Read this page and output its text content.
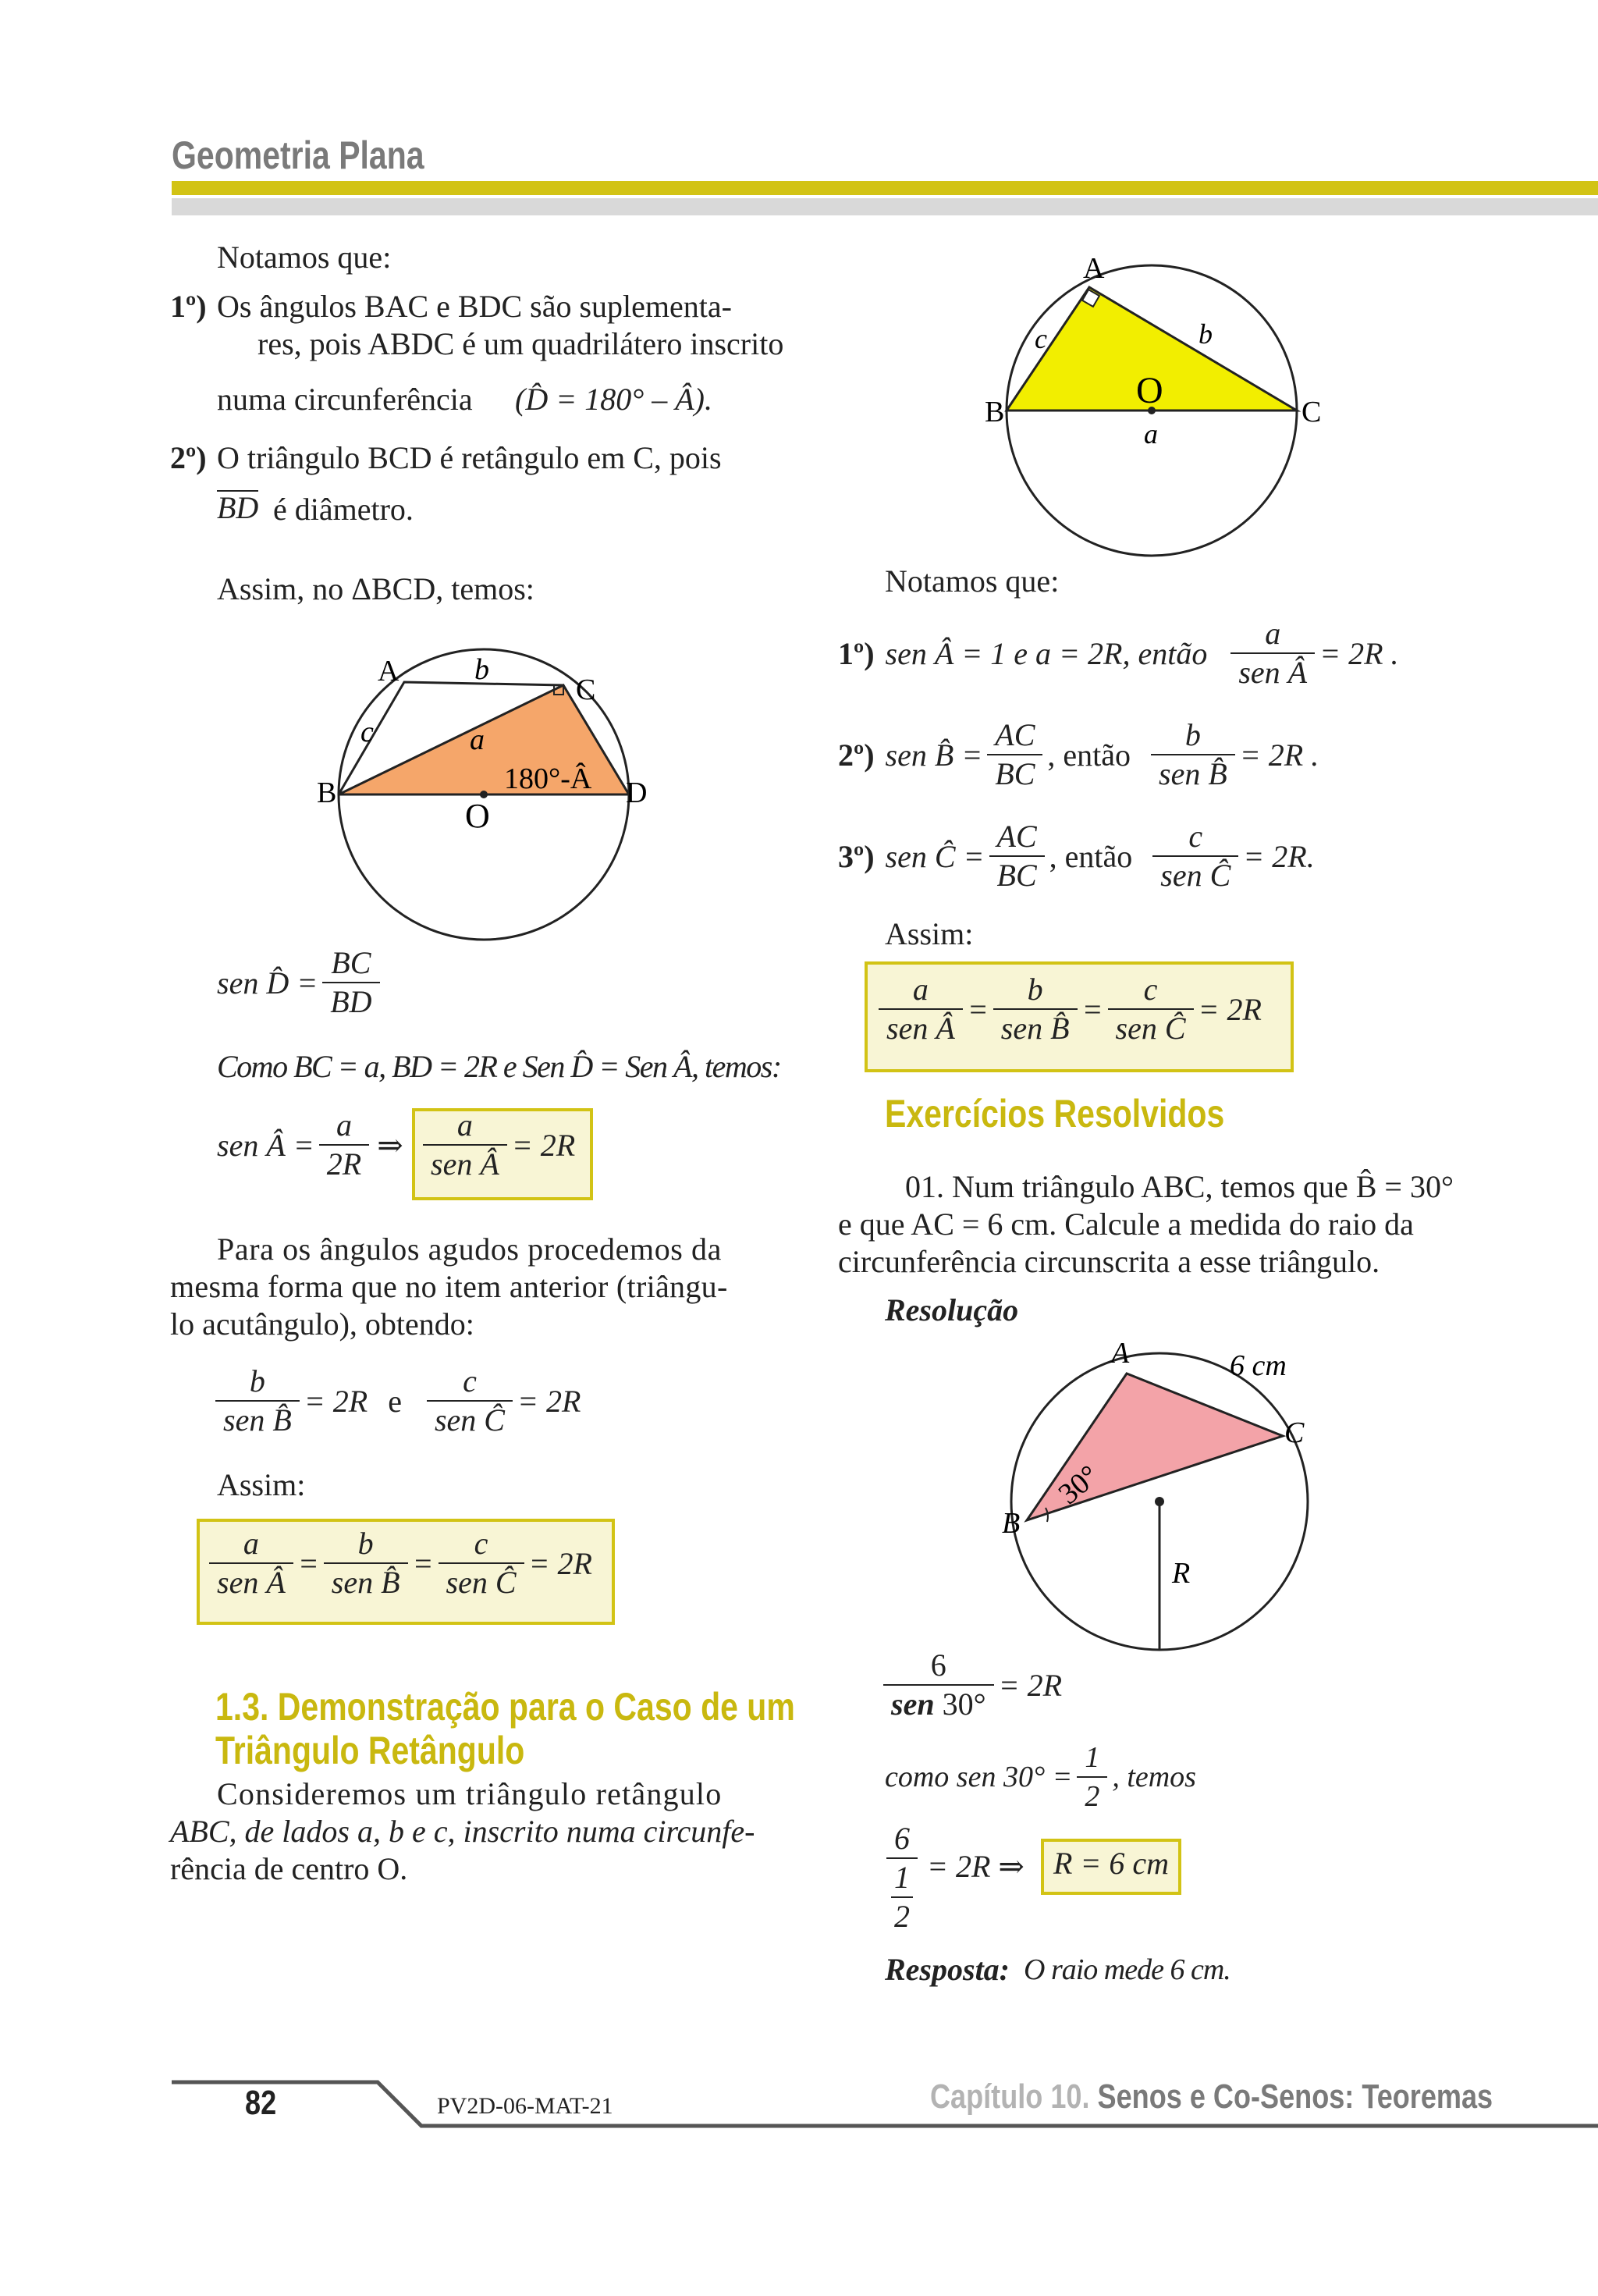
Geometria Plana
Notamos que:
1º) Os ângulos BAC e BDC são suplementa-
res, pois ABDC é um quadrilátero inscrito
numa circunferência (D̂ = 180° – Â).
2º) O triângulo BCD é retângulo em C, pois
BD é diâmetro.
Assim, no ΔBCD, temos:
A	b
C
c	a
B	180°-Â D
O
sen D̂ = $\frac{BC}{BD}$
Como BC = a, BD = 2R e Sen D̂ = Sen Â, temos:
sen Â = $\frac{a}{2R}$ ⇒ $\frac{a}{\text{sen Â}} = 2R$
Para os ângulos agudos procedemos da
mesma forma que no item anterior (triângu-
lo acutângulo), obtendo:
$\frac{b}{\text{sen B̂}} = 2R$ e $\frac{c}{\text{sen Ĉ}} = 2R$
Assim:
$\frac{a}{\text{sen Â}} = \frac{b}{\text{sen B̂}} = \frac{c}{\text{sen Ĉ}} = 2R$
1.3. Demonstração para o Caso de um
Triângulo Retângulo
Consideremos um triângulo retângulo
ABC, de lados a, b e c, inscrito numa circunfe-
rência de centro O.
A
c	b
O
B	C
a
Notamos que:
1º) sen Â = 1 e a = 2R, então $\frac{a}{\text{sen Â}} = 2R$ .
2º) sen B̂ = $\frac{AC}{BC}$ , então $\frac{b}{\text{sen B̂}} = 2R$ .
3º) sen Ĉ = $\frac{AC}{BC}$ , então $\frac{c}{\text{sen Ĉ}} = 2R$.
Assim:
$\frac{a}{\text{sen Â}} = \frac{b}{\text{sen B̂}} = \frac{c}{\text{sen Ĉ}} = 2R$
Exercícios Resolvidos
01. Num triângulo ABC, temos que B̂ = 30°
e que AC = 6 cm. Calcule a medida do raio da
circunferência circunscrita a esse triângulo.
Resolução
A	6 cm
C
B
30°
R
$\frac{6}{\text{sen 30°}} = 2R$
como sen $30^\circ = \frac{1}{2}$ , temos
6
1
2
= 2R ⇒ R = 6 cm
Resposta: O raio mede 6 cm.
82	PV2D-06-MAT-21	Capítulo 10. Senos e Co-Senos: Teoremas
